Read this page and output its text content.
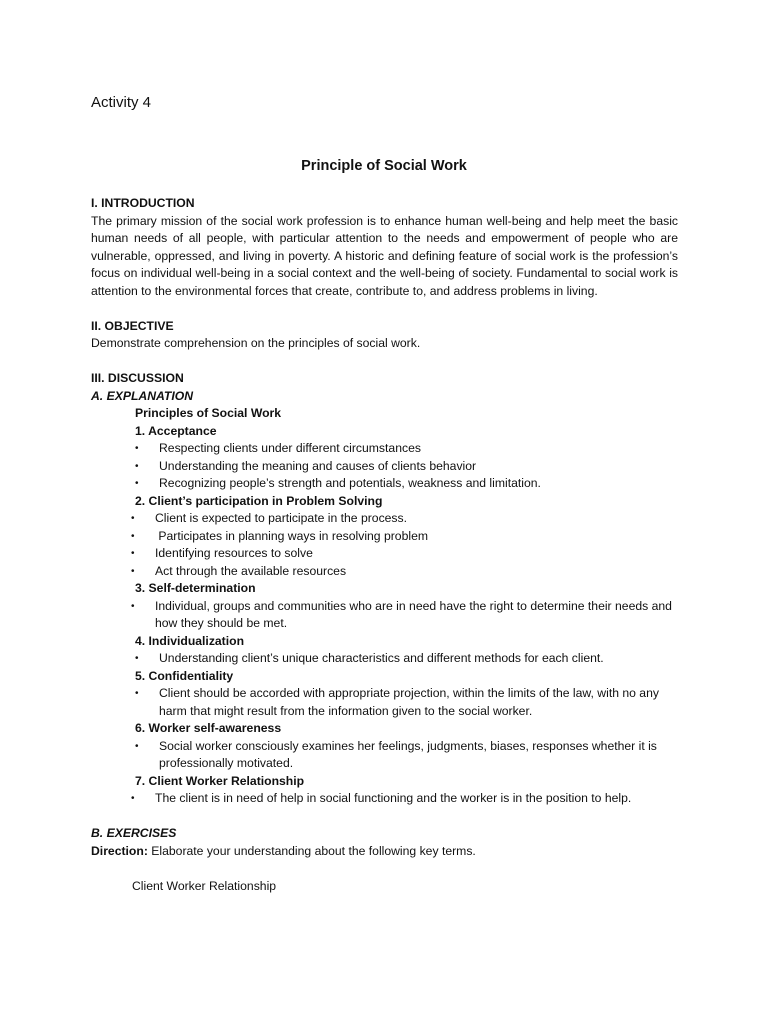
Activity 4
Principle of Social Work

I. INTRODUCTION

The primary mission of the social work profession is to enhance human well-being and help meet the basic human needs of all people, with particular attention to the needs and empowerment of people who are vulnerable, oppressed, and living in poverty. A historic and defining feature of social work is the profession’s focus on individual well-being in a social context and the well-being of society. Fundamental to social work is attention to the environmental forces that create, contribute to, and address problems in living.

II. OBJECTIVE

Demonstrate comprehension on the principles of social work.

III. DISCUSSION

A. EXPLANATION

Principles of Social Work

1. Acceptance

• Respecting clients under different circumstances
• Understanding the meaning and causes of clients behavior
• Recognizing people’s strength and potentials, weakness and limitation.

2. Client’s participation in Problem Solving

• Client is expected to participate in the process.
• Participates in planning ways in resolving problem
• Identifying resources to solve
• Act through the available resources

3. Self-determination

• Individual, groups and communities who are in need have the right to determine their needs and how they should be met.

4. Individualization

• Understanding client’s unique characteristics and different methods for each client.

5. Confidentiality

• Client should be accorded with appropriate projection, within the limits of the law, with no any harm that might result from the information given to the social worker.

6. Worker self-awareness

• Social worker consciously examines her feelings, judgments, biases, responses whether it is professionally motivated.

7. Client Worker Relationship

• The client is in need of help in social functioning and the worker is in the position to help.

B. EXERCISES

Direction: Elaborate your understanding about the following key terms.

Client Worker Relationship
